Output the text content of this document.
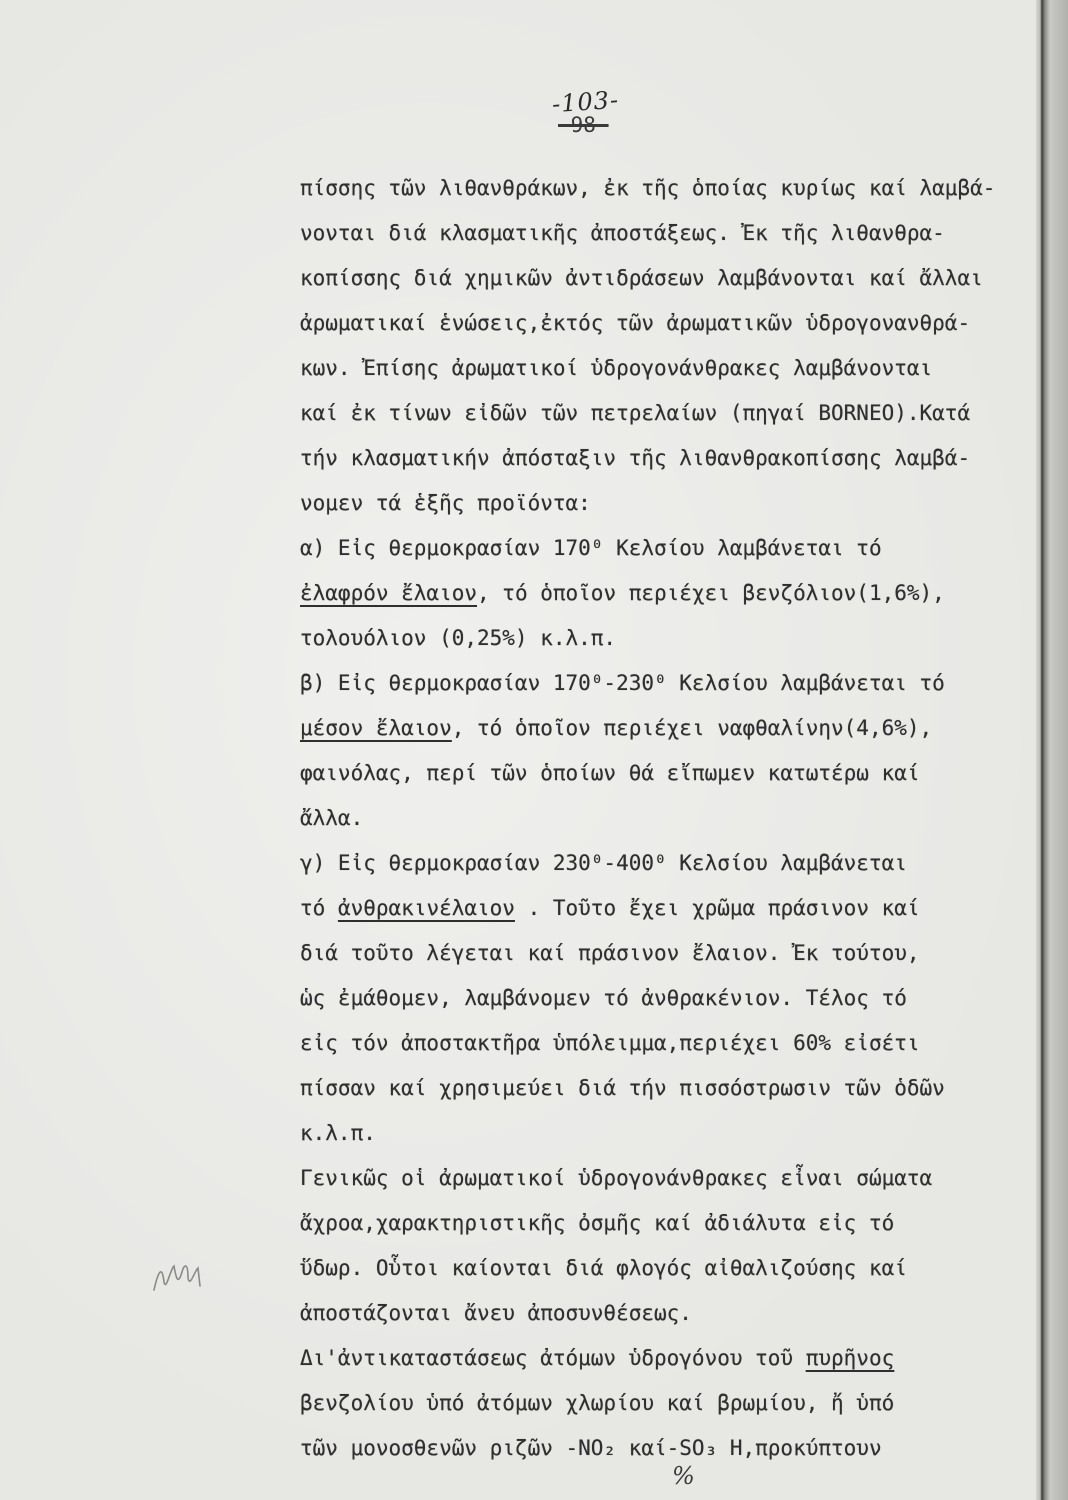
-103-
-98-
πίσσης τῶν λιθανθράκων, ἐκ τῆς ὁποίας κυρίως καί λαμβά-
νονται διά κλασματικῆς ἀποστάξεως. Ἐκ τῆς λιθανθρα-
κοπίσσης διά χημικῶν ἀντιδράσεων λαμβάνονται καί ἄλλαι
ἀρωματικαί ἑνώσεις,ἐκτός τῶν ἀρωματικῶν ὑδρογονανθρά-
κων. Ἐπίσης ἀρωματικοί ὑδρογονάνθρακες λαμβάνονται
καί ἐκ τίνων εἰδῶν τῶν πετρελαίων (πηγαί BORNEO).Κατά
τήν κλασματικήν ἀπόσταξιν τῆς λιθανθρακοπίσσης λαμβά-
νομεν τά ἑξῆς προϊόντα:
α) Εἰς θερμοκρασίαν 170⁰ Κελσίου λαμβάνεται τό
ἐλαφρόν ἔλαιον, τό ὁποῖον περιέχει βενζόλιον(1,6%),
τολουόλιον (0,25%) κ.λ.π.
β) Εἰς θερμοκρασίαν 170⁰-230⁰ Κελσίου λαμβάνεται τό
μέσον ἔλαιον, τό ὁποῖον περιέχει ναφθαλίνην(4,6%),
φαινόλας, περί τῶν ὁποίων θά εἴπωμεν κατωτέρω καί
ἄλλα.
γ) Εἰς θερμοκρασίαν 230⁰-400⁰ Κελσίου λαμβάνεται
τό ἀνθρακινέλαιον . Τοῦτο ἔχει χρῶμα πράσινον καί
διά τοῦτο λέγεται καί πράσινον ἔλαιον. Ἐκ τούτου,
ὡς ἐμάθομεν, λαμβάνομεν τό ἀνθρακένιον. Τέλος τό
εἰς τόν ἀποστακτῆρα ὑπόλειμμα,περιέχει 60% εἰσέτι
πίσσαν καί χρησιμεύει διά τήν πισσόστρωσιν τῶν ὁδῶν
κ.λ.π.
Γενικῶς οἱ ἀρωματικοί ὑδρογονάνθρακες εἶναι σώματα
ἄχροα,χαρακτηριστικῆς ὀσμῆς καί ἀδιάλυτα εἰς τό
ὕδωρ. Οὗτοι καίονται διά φλογός αἰθαλιζούσης καί
ἀποστάζονται ἄνευ ἀποσυνθέσεως.
Δι'ἀντικαταστάσεως ἀτόμων ὑδρογόνου τοῦ πυρῆνος
βενζολίου ὑπό ἀτόμων χλωρίου καί βρωμίου, ἤ ὑπό
τῶν μονοσθενῶν ριζῶν -NO₂ καί-SO₃ H,προκύπτουν
%
